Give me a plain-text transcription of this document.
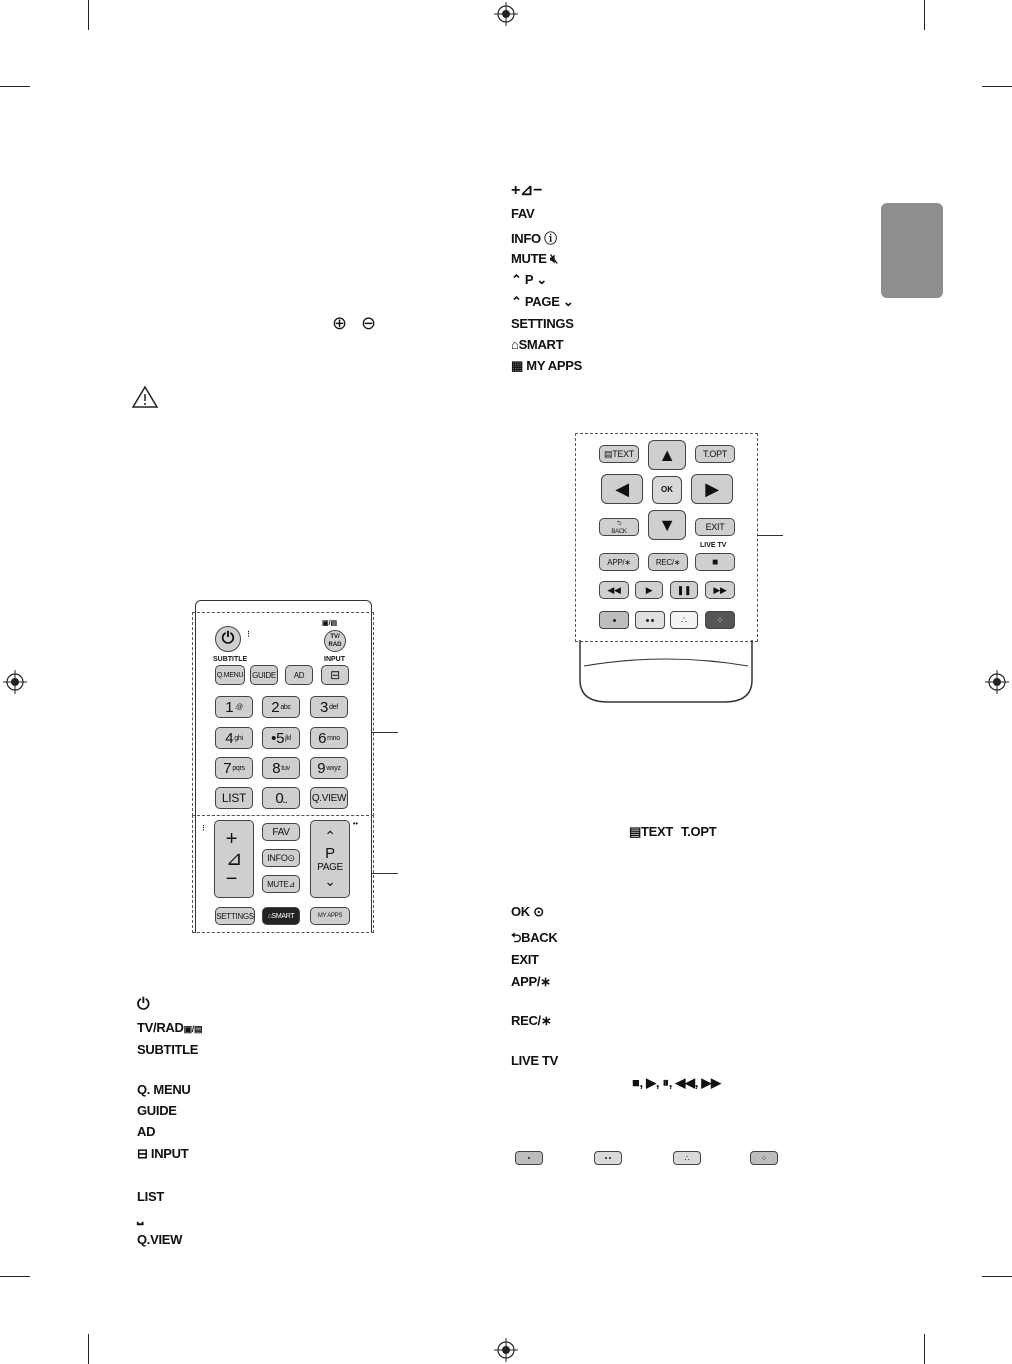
⊕ ⊖
⏻	⋮
▣/▤
TV/
RAD
SUBTITLE	INPUT
Q.MENU GUIDE	AD	⊟
1 .@ 2 abc 3 def
4 ghi •5 jkl 6 mno
7 pqrs 8 tuv 9 wxyz
LIST	0 ⎵	Q.VIEW
⋮
••
+
⊿
−
FAV
INFO⊙
MUTE⊿
⌃
P
PAGE
⌄
SETTINGS ⌂ SMART	MY APPS
⏻
TV/RAD▣/▤
SUBTITLE
Q. MENU
GUIDE
AD
⊟ INPUT
LIST
⎵
Q.VIEW
+⊿−
FAV
INFO ⓘ
MUTE 🔇︎
⌃ P ⌄
⌃ PAGE ⌄
SETTINGS
⌂SMART
▦ MY APPS
▤ TEXT	T.OPT
▲
◀	OK	▶
▼
⮌
BACK	EXIT
LIVE TV
APP/∗	REC/∗	■
◀◀	▶	❚❚	▶▶
∴	⁘
▤TEXT T.OPT
OK ⊙
⮌BACK
EXIT
APP/∗
REC/∗
LIVE TV
■, ▶, ⏸, ◀◀, ▶▶
∴	⁘
